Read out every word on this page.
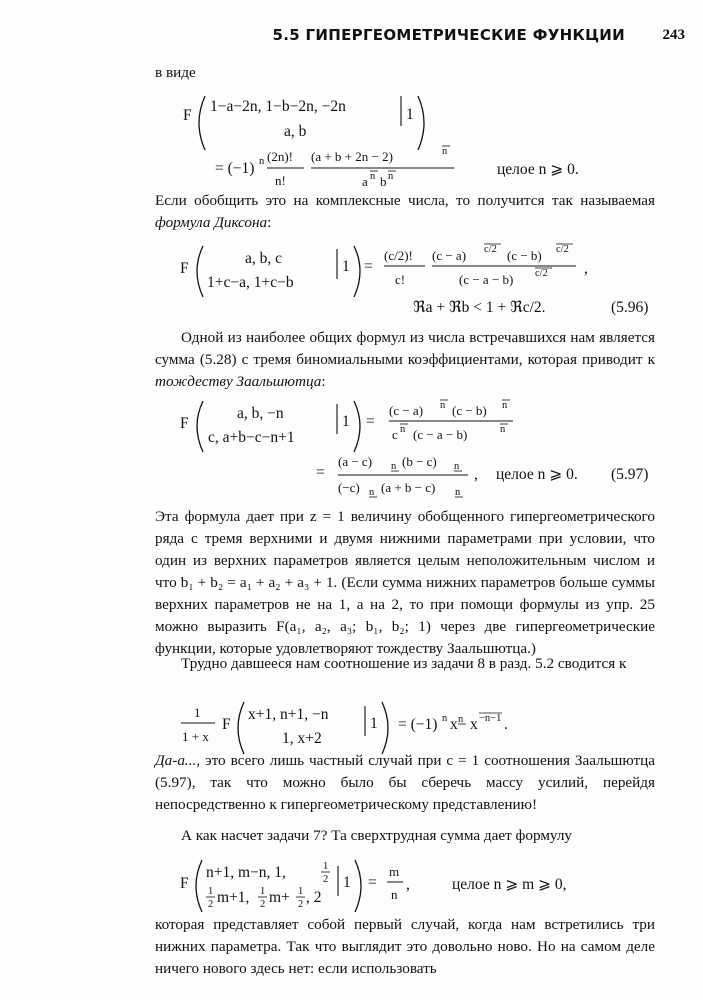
5.5 ГИПЕРГЕОМЕТРИЧЕСКИЕ ФУНКЦИИ	243

в виде

F
1−a−2n, 1−b−2n, −2n
a, b
1
= (−1) n (2n)!
n!
(a + b + 2n − 2)	n
a n b n	целое n ⩾ 0.

Если обобщить это на комплексные числа, то получится так называемая формула Диксона:

F
a, b, c
1+c−a, 1+c−b
1 =
(c/2)!
c!
(c − a) c/2 (c − b) c/2
(c − a − b) c/2 ,
ℜa + ℜb < 1 + ℜc/2.	(5.96)

Одной из наиболее общих формул из числа встречавшихся нам является сумма (5.28) с тремя биномиальными коэффициентами, которая приводит к тождеству Заальшютца:

F
a, b, −n
c, a+b−c−n+1
1 =
(c − a) n (c − b) n
c n (c − a − b)	n
=
(a − c) n (b − c) n
(−c) n (a + b − c) n
, целое n ⩾ 0. (5.97)

Эта формула дает при z = 1 величину обобщенного гипергеометрического ряда с тремя верхними и двумя нижними параметрами при условии, что один из верхних параметров является целым неположительным числом и что b₁ + b₂ = a₁ + a₂ + a₃ + 1. (Если сумма нижних параметров больше суммы верхних параметров не на 1, а на 2, то при помощи формулы из упр. 25 можно выразить F(a₁, a₂, a₃; b₁, b₂; 1) через две гипергеометрические функции, которые удовлетворяют тождеству Заальшютца.)

Трудно давшееся нам соотношение из задачи 8 в разд. 5.2 сводится к

1
1 + x
F
x+1, n+1, −n
1, x+2
1 = (−1) n x n x −n−1 .

Да-а..., это всего лишь частный случай при c = 1 соотношения Заальшютца (5.97), так что можно было бы сберечь массу усилий, перейдя непосредственно к гипергеометрическому представлению!

А как насчет задачи 7? Та сверхтрудная сумма дает формулу

F
n+1, m−n, 1,	1
2
1
2 m+1, 1
2 m+ 1
2 , 2
1 =
m
n
,	целое n ⩾ m ⩾ 0,

которая представляет собой первый случай, когда нам встретились три нижних параметра. Так что выглядит это довольно ново. Но на самом деле ничего нового здесь нет: если использовать
